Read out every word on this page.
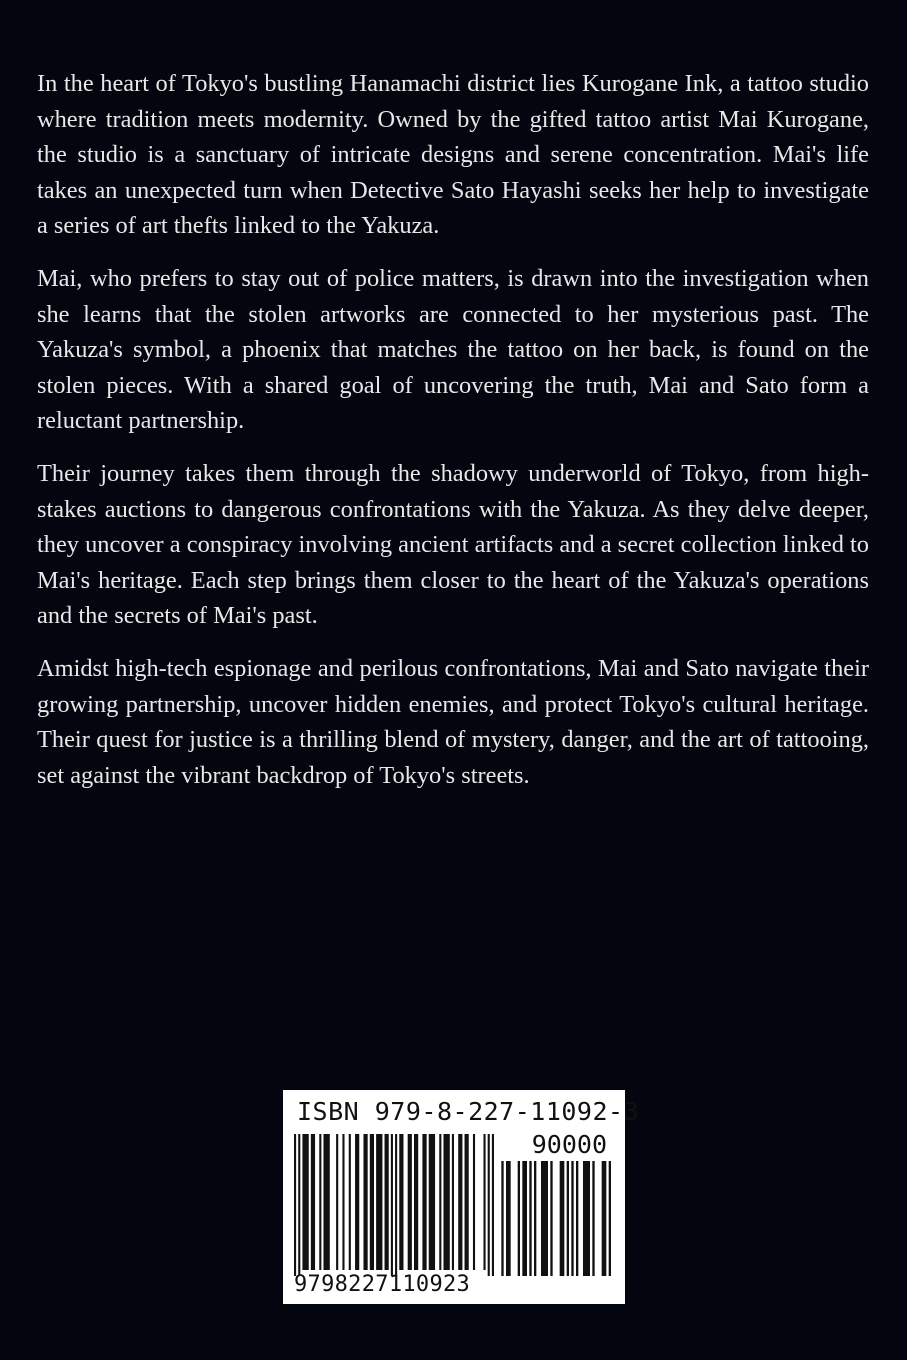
In the heart of Tokyo's bustling Hanamachi district lies Kurogane Ink, a tattoo studio where tradition meets modernity. Owned by the gifted tattoo artist Mai Kurogane, the studio is a sanctuary of intricate designs and serene concentration. Mai's life takes an unexpected turn when Detective Sato Hayashi seeks her help to investigate a series of art thefts linked to the Yakuza.

Mai, who prefers to stay out of police matters, is drawn into the investigation when she learns that the stolen artworks are connected to her mysterious past. The Yakuza's symbol, a phoenix that matches the tattoo on her back, is found on the stolen pieces. With a shared goal of uncovering the truth, Mai and Sato form a reluctant partnership.

Their journey takes them through the shadowy underworld of Tokyo, from high-stakes auctions to dangerous confrontations with the Yakuza. As they delve deeper, they uncover a conspiracy involving ancient artifacts and a secret collection linked to Mai's heritage. Each step brings them closer to the heart of the Yakuza's operations and the secrets of Mai's past.

Amidst high-tech espionage and perilous confrontations, Mai and Sato navigate their growing partnership, uncover hidden enemies, and protect Tokyo's cultural heritage. Their quest for justice is a thrilling blend of mystery, danger, and the art of tattooing, set against the vibrant backdrop of Tokyo's streets.

ISBN 979-8-227-11092-3
90000
9798227110923
